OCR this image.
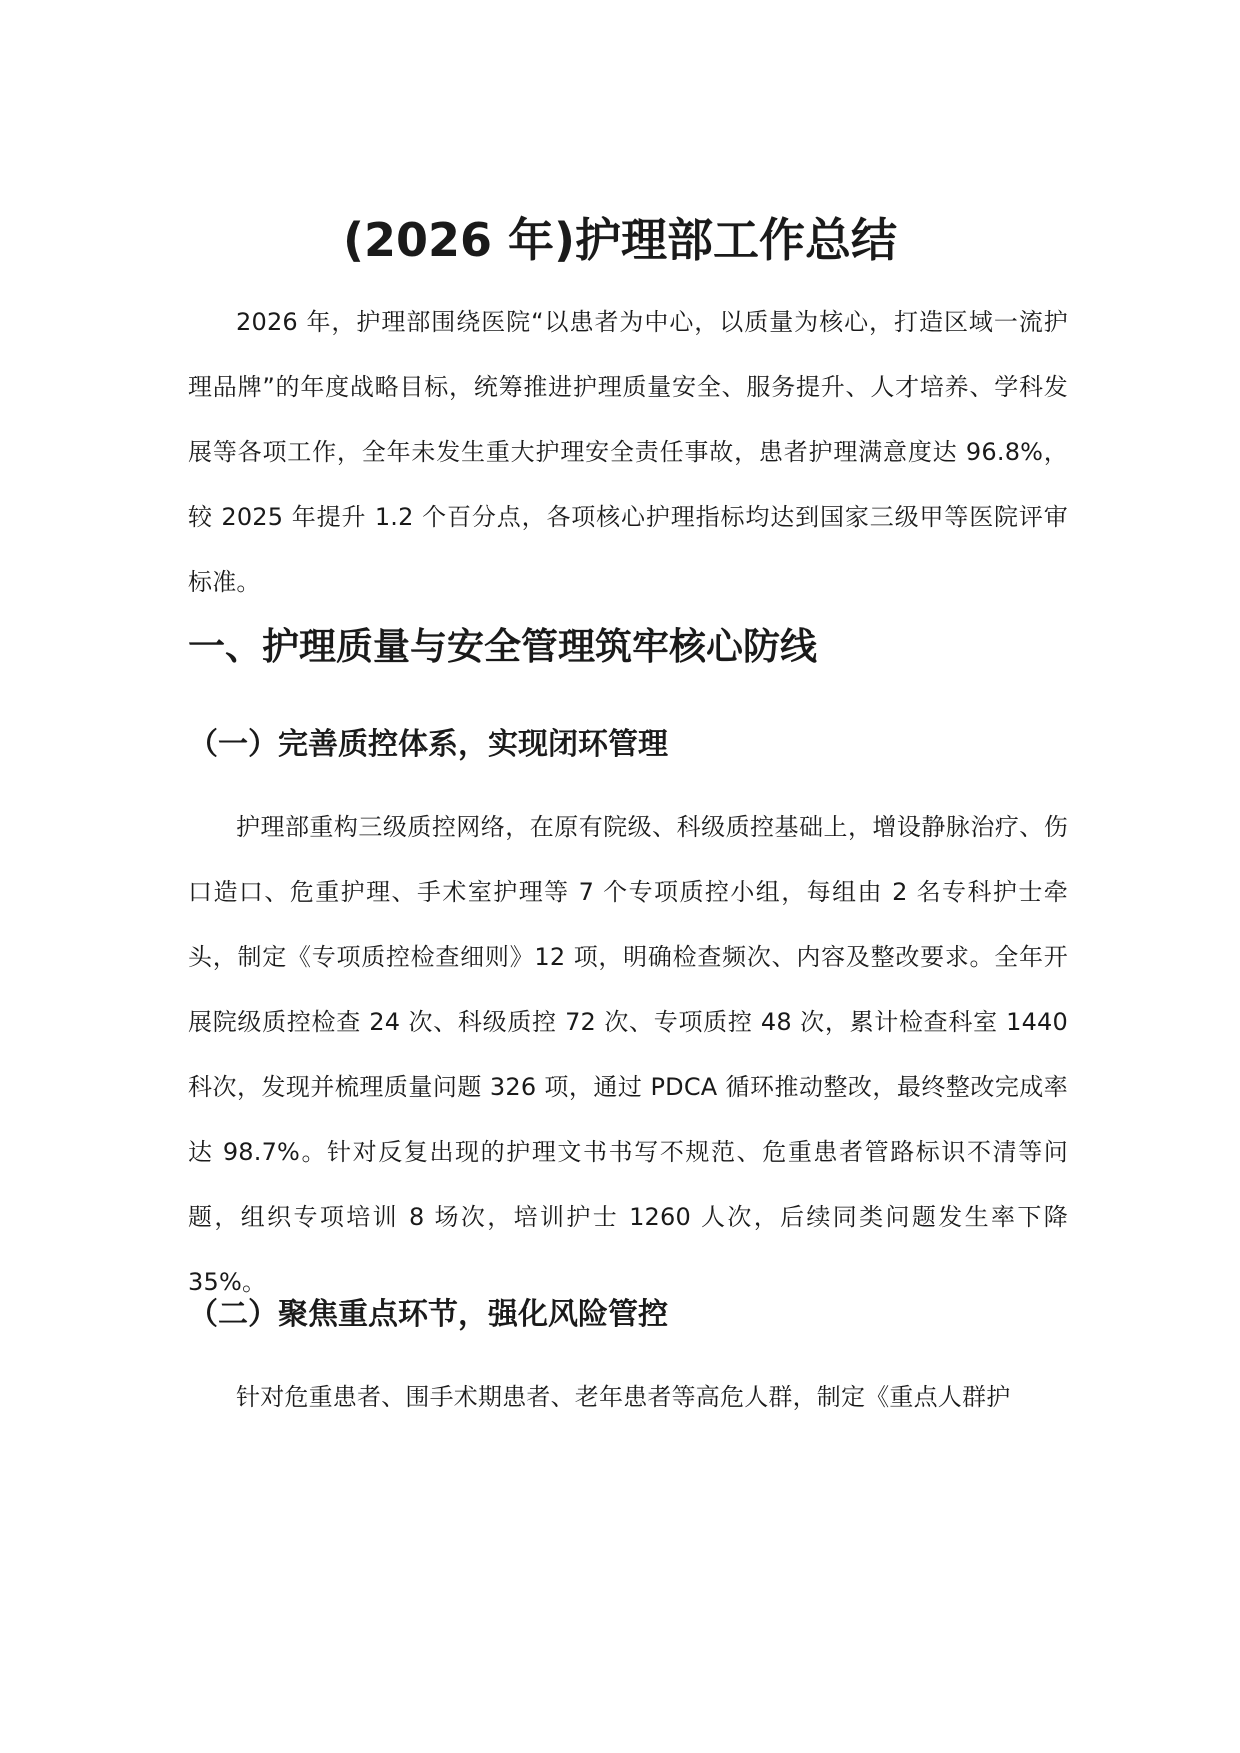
(2026 年)护理部工作总结

2026 年，护理部围绕医院“以患者为中心，以质量为核心，打造区域一流护理品牌”的年度战略目标，统筹推进护理质量安全、服务提升、人才培养、学科发展等各项工作，全年未发生重大护理安全责任事故，患者护理满意度达 96.8%，较 2025 年提升 1.2 个百分点，各项核心护理指标均达到国家三级甲等医院评审标准。

一、护理质量与安全管理筑牢核心防线
（一）完善质控体系，实现闭环管理

护理部重构三级质控网络，在原有院级、科级质控基础上，增设静脉治疗、伤口造口、危重护理、手术室护理等 7 个专项质控小组，每组由 2 名专科护士牵头，制定《专项质控检查细则》12 项，明确检查频次、内容及整改要求。全年开展院级质控检查 24 次、科级质控 72 次、专项质控 48 次，累计检查科室 1440 科次，发现并梳理质量问题 326 项，通过 PDCA 循环推动整改，最终整改完成率达 98.7%。针对反复出现的护理文书书写不规范、危重患者管路标识不清等问题，组织专项培训 8 场次，培训护士 1260 人次，后续同类问题发生率下降 35%。

（二）聚焦重点环节，强化风险管控

针对危重患者、围手术期患者、老年患者等高危人群，制定《重点人群护
